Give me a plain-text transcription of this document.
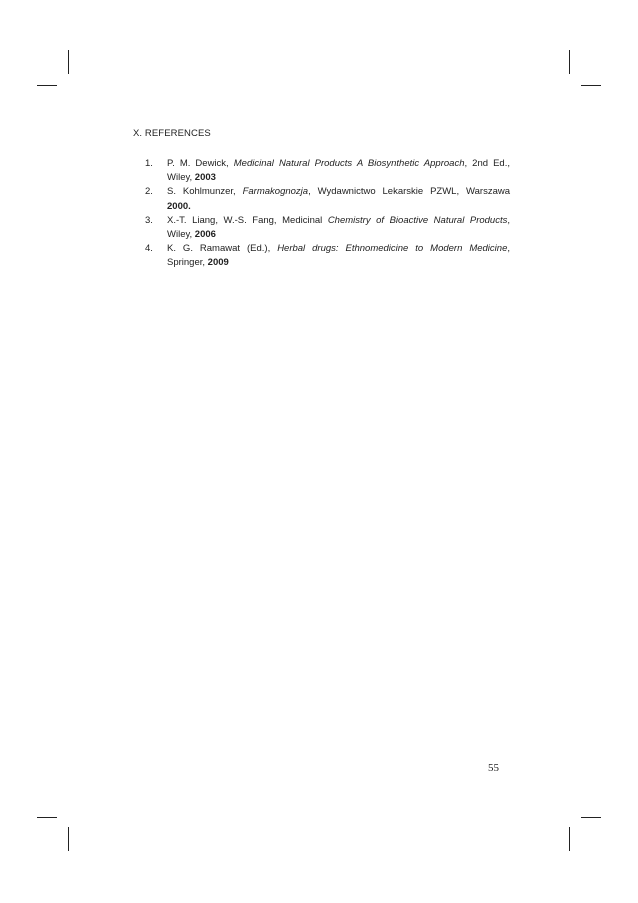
X. REFERENCES
1.	P. M. Dewick, Medicinal Natural Products A Biosynthetic Approach, 2nd Ed., Wiley, 2003
2.	S. Kohlmunzer, Farmakognozja, Wydawnictwo Lekarskie PZWL, Warszawa 2000.
3.	X.-T. Liang, W.-S. Fang, Medicinal Chemistry of Bioactive Natural Products, Wiley, 2006
4.	K. G. Ramawat (Ed.), Herbal drugs: Ethnomedicine to Modern Medicine, Springer, 2009
55
